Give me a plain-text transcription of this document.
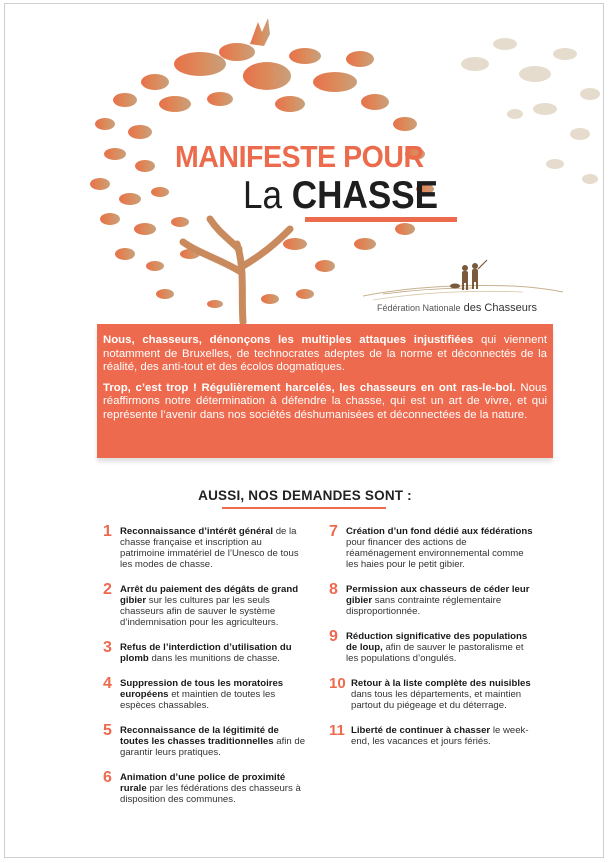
MANIFESTE POUR
La CHASSE
Fédération Nationale des Chasseurs

Nous, chasseurs, dénonçons les multiples attaques injustifiées qui viennent notamment de Bruxelles, de technocrates adeptes de la norme et déconnectés de la réalité, des anti-tout et des écolos dogmatiques.

Trop, c’est trop ! Régulièrement harcelés, les chasseurs en ont ras-le-bol. Nous réaffirmons notre détermination à défendre la chasse, qui est un art de vivre, et qui représente l’avenir dans nos sociétés déshumanisées et déconnectées de la nature.

AUSSI, NOS DEMANDES SONT :
1 Reconnaissance d’intérêt général de la chasse française et inscription au patrimoine immatériel de l’Unesco de tous les modes de chasse.
2 Arrêt du paiement des dégâts de grand gibier sur les cultures par les seuls chasseurs afin de sauver le système d’indemnisation pour les agriculteurs.
3 Refus de l’interdiction d’utilisation du plomb dans les munitions de chasse.
4 Suppression de tous les moratoires européens et maintien de toutes les espèces chassables.
5 Reconnaissance de la légitimité de toutes les chasses traditionnelles afin de garantir leurs pratiques.
6 Animation d’une police de proximité rurale par les fédérations des chasseurs à disposition des communes.
7 Création d’un fond dédié aux fédérations pour financer des actions de réaménagement environnemental comme les haies pour le petit gibier.
8 Permission aux chasseurs de céder leur gibier sans contrainte réglementaire disproportionnée.
9 Réduction significative des populations de loup, afin de sauver le pastoralisme et les populations d’ongulés.
10 Retour à la liste complète des nuisibles dans tous les départements, et maintien partout du piégeage et du déterrage.
11 Liberté de continuer à chasser le week-end, les vacances et jours fériés.
